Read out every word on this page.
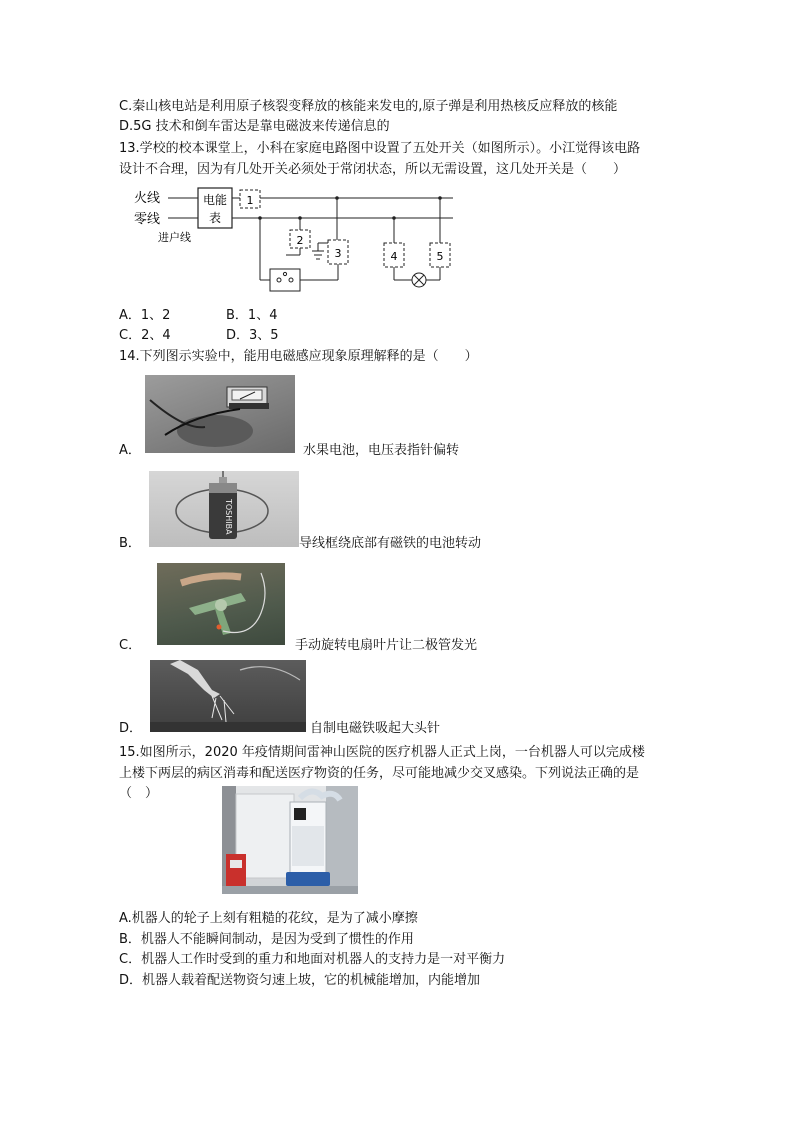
C.秦山核电站是利用原子核裂变释放的核能来发电的,原子弹是利用热核反应释放的核能
D.5G 技术和倒车雷达是靠电磁波来传递信息的
13.学校的校本课堂上，小科在家庭电路图中设置了五处开关（如图所示）。小江觉得该电路
设计不合理，因为有几处开关必须处于常闭状态，所以无需设置，这几处开关是（　　）
火线
零线
进户线
电能
表
1
2
3	4	5
A．1、2	B．1、4
C．2、4	D．3、5
14.下列图示实验中，能用电磁感应现象原理解释的是（　　）
A．	水果电池，电压表指针偏转
B．
TOSHIBA
导线框绕底部有磁铁的电池转动
C．	手动旋转电扇叶片让二极管发光
D．	自制电磁铁吸起大头针
15.如图所示，2020 年疫情期间雷神山医院的医疗机器人正式上岗，一台机器人可以完成楼
上楼下两层的病区消毒和配送医疗物资的任务，尽可能地减少交叉感染。下列说法正确的是
（　）
A.机器人的轮子上刻有粗糙的花纹，是为了减小摩擦
B．机器人不能瞬间制动，是因为受到了惯性的作用
C．机器人工作时受到的重力和地面对机器人的支持力是一对平衡力
D．机器人载着配送物资匀速上坡，它的机械能增加，内能增加
